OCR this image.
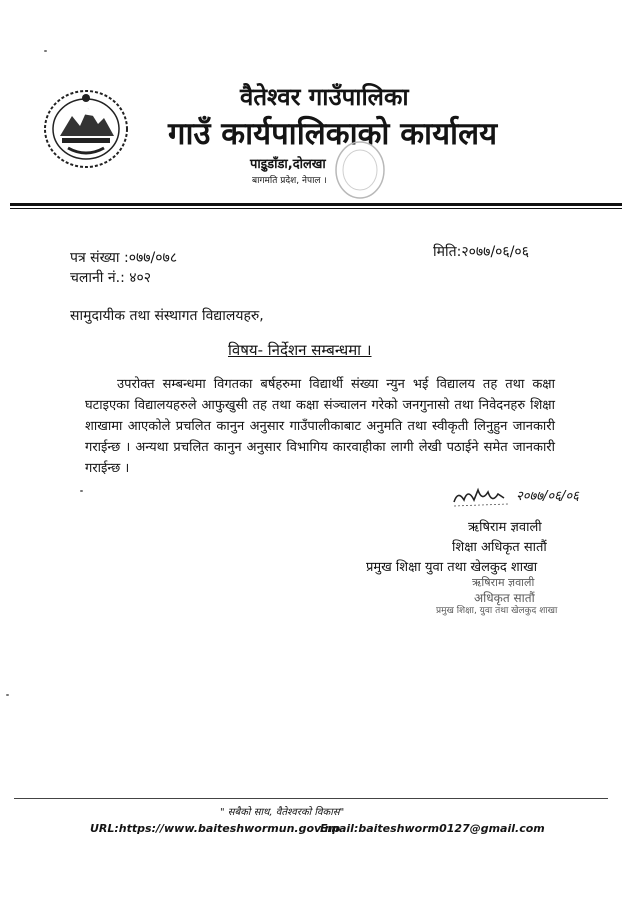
वैतेश्वर गाउँपालिका
गाउँ कार्यपालिकाको कार्यालय
पाइुडाँडा,दोलखा
बागमति प्रदेश, नेपाल ।
पत्र संख्या :०७७/०७८
चलानी नं.: ४०२
मिति:२०७७/०६/०६
सामुदायीक तथा संस्थागत विद्यालयहरु,
विषय- निर्देशन सम्बन्धमा ।
उपरोक्त सम्बन्धमा विगतका बर्षहरुमा विद्यार्थी संख्या न्युन भई विद्यालय तह तथा कक्षा घटाइएका विद्यालयहरुले आफुखुसी तह तथा कक्षा संञ्चालन गरेको जनगुनासो तथा निवेदनहरु शिक्षा शाखामा आएकोले प्रचलित कानुन अनुसार गाउँपालीकाबाट अनुमति तथा स्वीकृती लिनुहुन जानकारी गराईन्छ । अन्यथा प्रचलित कानुन अनुसार विभागिय कारवाहीका लागी लेखी पठाईने समेत जानकारी गराईन्छ ।
२०७७/०६/०६
ऋषिराम ज्ञवाली
शिक्षा अधिकृत सातौं
प्रमुख शिक्षा युवा तथा खेलकुद शाखा
ऋषिराम ज्ञवाली
अधिकृत सातौं
प्रमुख शिक्षा, युवा तथा खेलकुद शाखा
" सबैको साथ, वैतेश्वरको विकास"
URL:https://www.baiteshwormun.gov.np
Email:baiteshworm0127@gmail.com
